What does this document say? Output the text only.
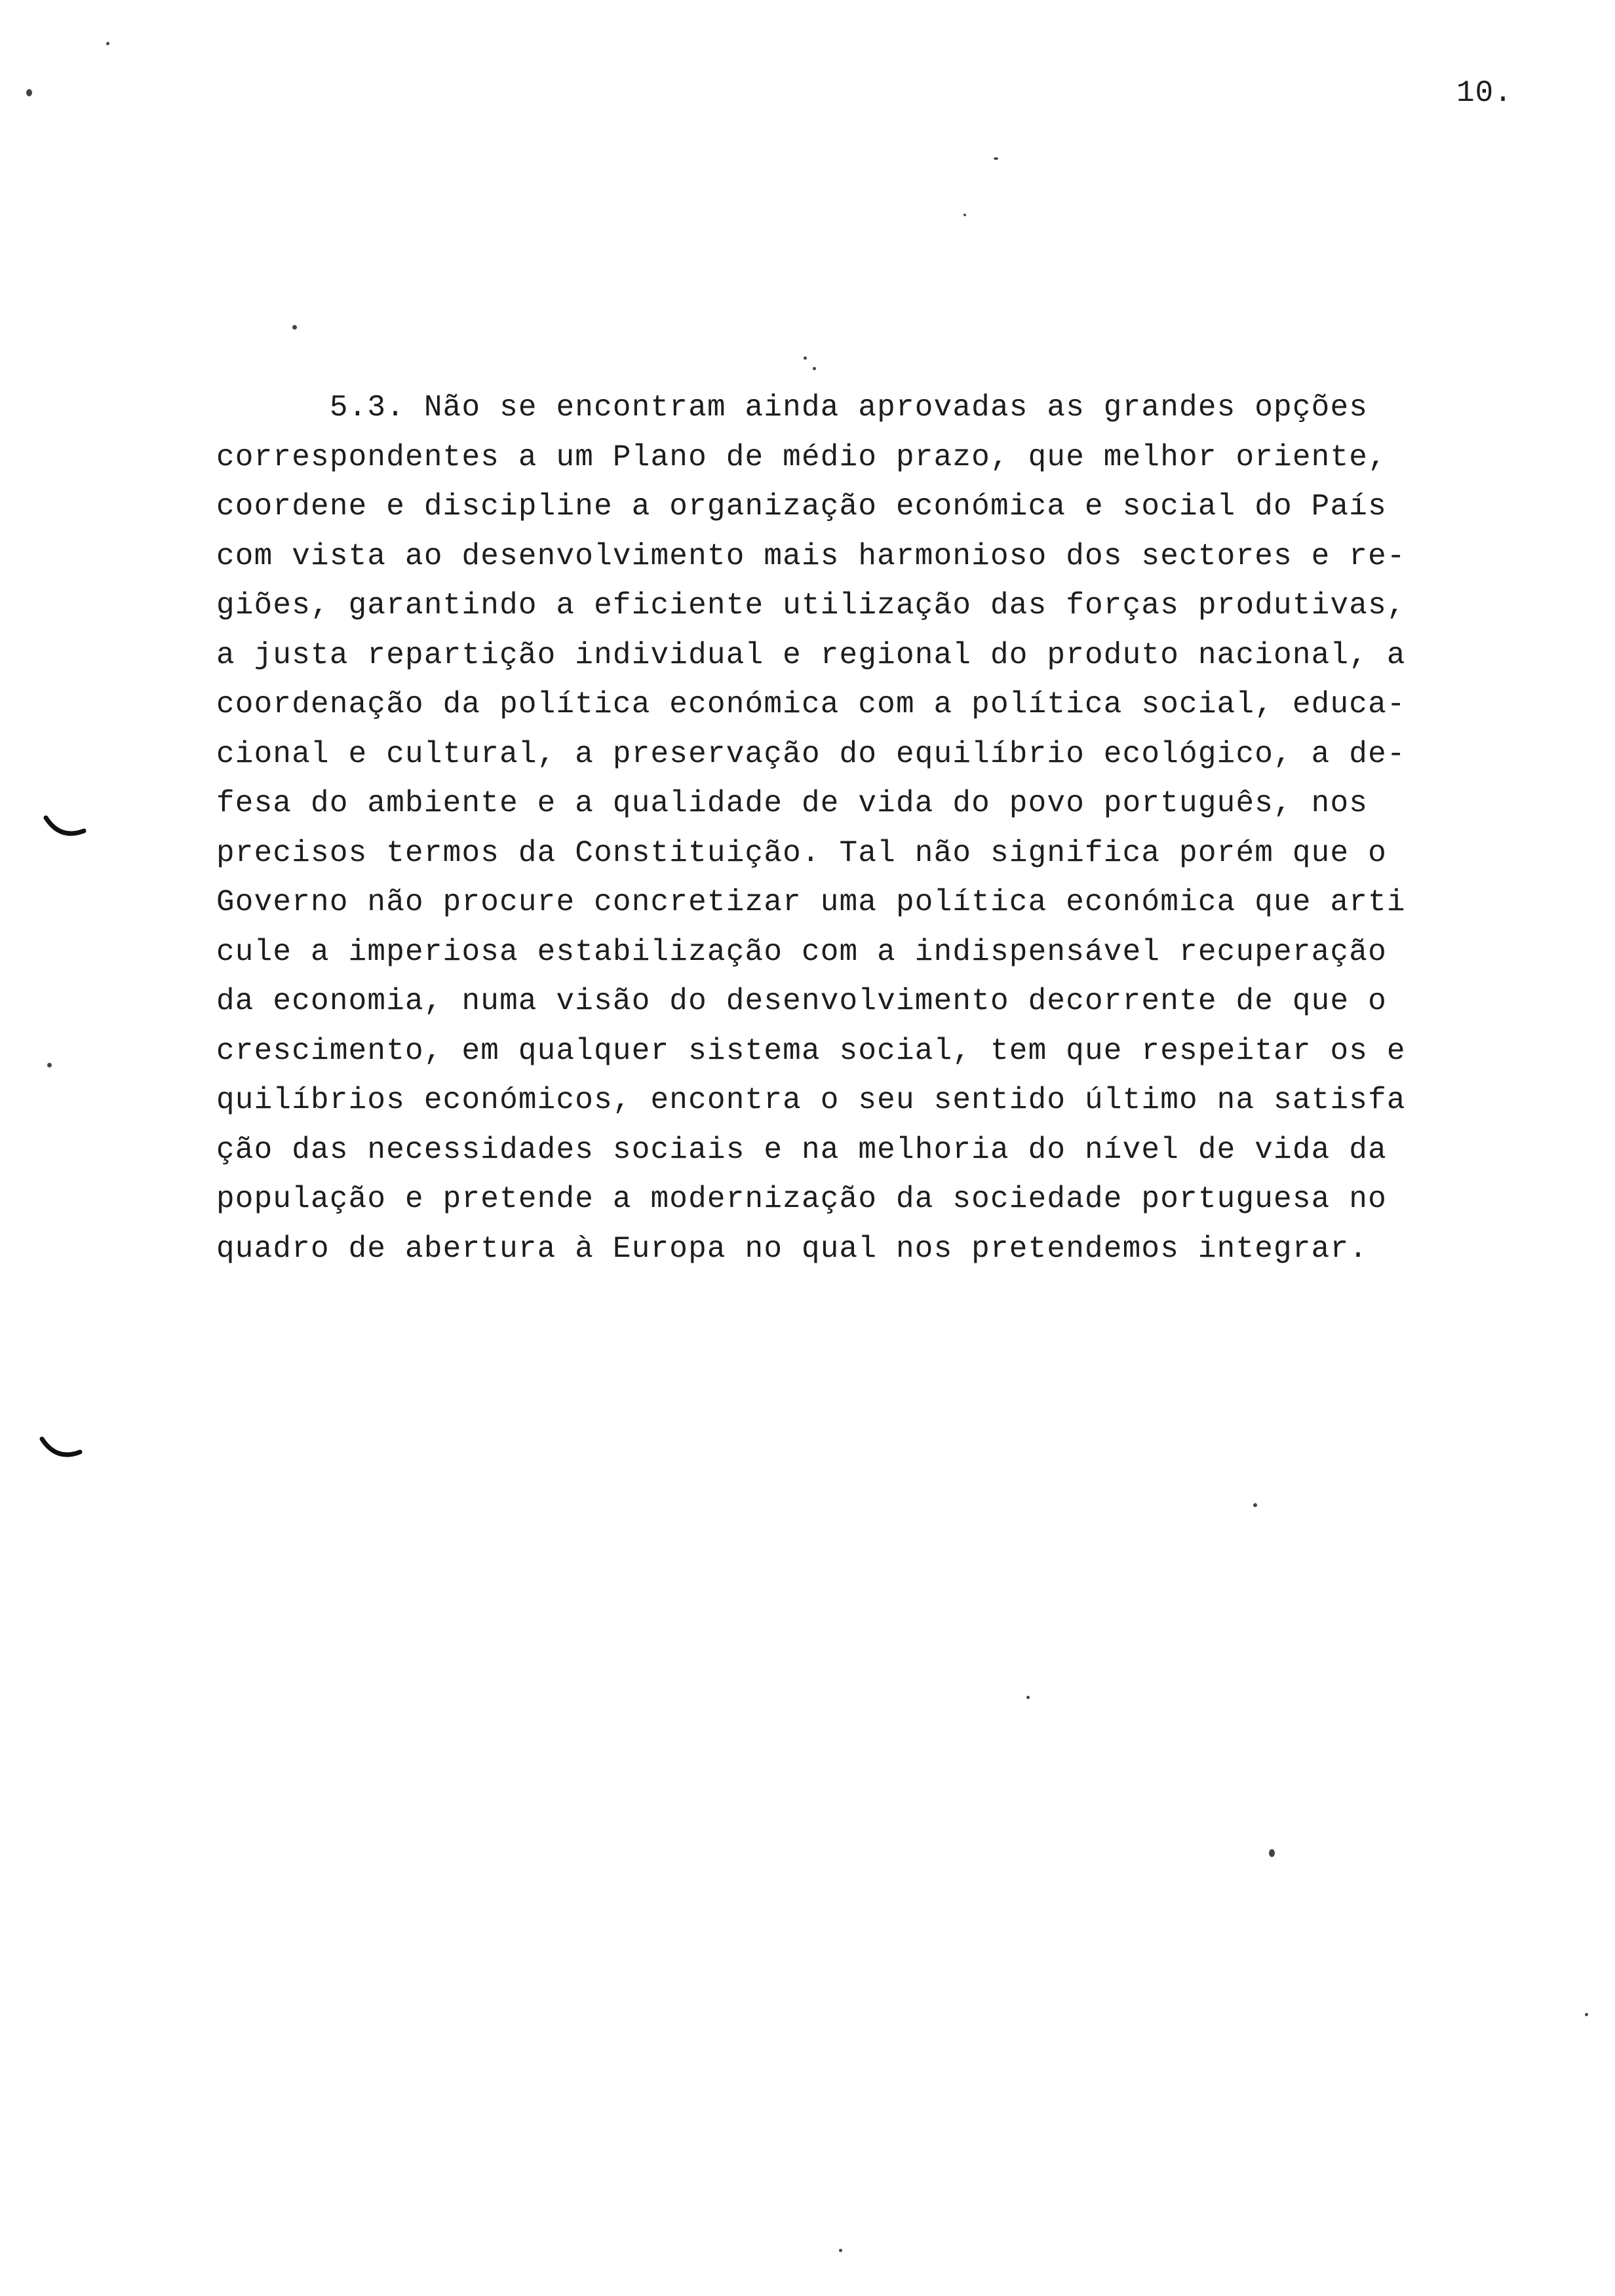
10.
5.3. Não se encontram ainda aprovadas as grandes opções
correspondentes a um Plano de médio prazo, que melhor oriente,
coordene e discipline a organização económica e social do País
com vista ao desenvolvimento mais harmonioso dos sectores e re-
giões, garantindo a eficiente utilização das forças produtivas,
a justa repartição individual e regional do produto nacional, a
coordenação da política económica com a política social, educa-
cional e cultural, a preservação do equilíbrio ecológico, a de-
fesa do ambiente e a qualidade de vida do povo português, nos
precisos termos da Constituição. Tal não significa porém que o
Governo não procure concretizar uma política económica que arti
cule a imperiosa estabilização com a indispensável recuperação
da economia, numa visão do desenvolvimento decorrente de que o
crescimento, em qualquer sistema social, tem que respeitar os e
quilíbrios económicos, encontra o seu sentido último na satisfa
ção das necessidades sociais e na melhoria do nível de vida da
população e pretende a modernização da sociedade portuguesa no
quadro de abertura à Europa no qual nos pretendemos integrar.
